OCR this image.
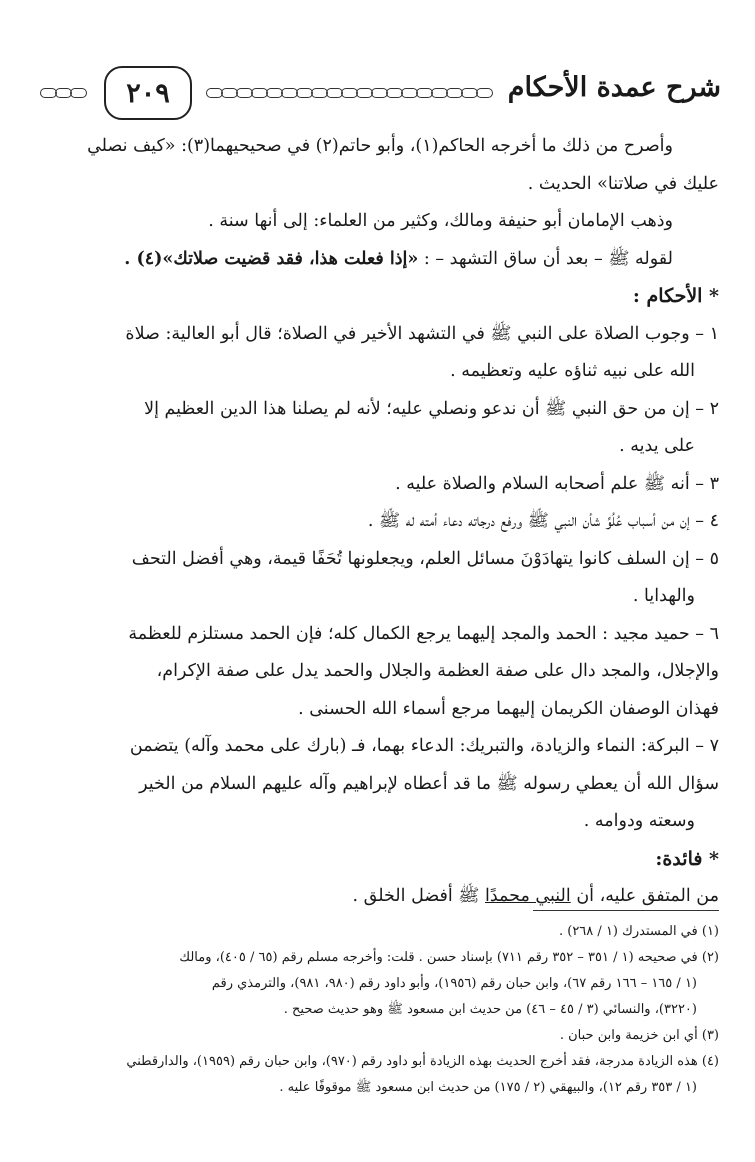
شرح عمدة الأحكام
٢٠٩

وأصرح من ذلك ما أخرجه الحاكم(١)، وأبو حاتم(٢) في صحيحيهما(٣): «كيف نصلي

عليك في صلاتنا» الحديث .

وذهب الإمامان أبو حنيفة ومالك، وكثير من العلماء: إلى أنها سنة .

لقوله ﷺ – بعد أن ساق التشهد – : «إذا فعلت هذا، فقد قضيت صلاتك»(٤) .

* الأحكام :

١ – وجوب الصلاة على النبي ﷺ في التشهد الأخير في الصلاة؛ قال أبو العالية: صلاة
الله على نبيه ثناؤه عليه وتعظيمه .
٢ – إن من حق النبي ﷺ أن ندعو ونصلي عليه؛ لأنه لم يصلنا هذا الدين العظيم إلا
على يديه .
٣ – أنه ﷺ علم أصحابه السلام والصلاة عليه .
٤ – إن من أسباب عُلُوِّ شأن النبي ﷺ ورفع درجاته دعاء أمته له ﷺ .
٥ – إن السلف كانوا يتهادَوْنَ مسائل العلم، ويجعلونها تُحَفًا قيمة، وهي أفضل التحف
والهدايا .
٦ – حميد مجيد : الحمد والمجد إليهما يرجع الكمال كله؛ فإن الحمد مستلزم للعظمة
والإجلال، والمجد دال على صفة العظمة والجلال والحمد يدل على صفة الإكرام،
فهذان الوصفان الكريمان إليهما مرجع أسماء الله الحسنى .
٧ – البركة: النماء والزيادة، والتبريك: الدعاء بهما، فـ (بارك على محمد وآله) يتضمن
سؤال الله أن يعطي رسوله ﷺ ما قد أعطاه لإبراهيم وآله عليهم السلام من الخير
وسعته ودوامه .

* فائدة:

من المتفق عليه، أن النبي محمدًا ﷺ أفضل الخلق .

(١) في المستدرك (١ / ٢٦٨) .
(٢) في صحيحه (١ / ٣٥١ – ٣٥٢ رقم ٧١١) بإسناد حسن . قلت: وأخرجه مسلم رقم (٦٥ / ٤٠٥)، ومالك
(١ / ١٦٥ – ١٦٦ رقم ٦٧)، وابن حبان رقم (١٩٥٦)، وأبو داود رقم (٩٨٠، ٩٨١)، والترمذي رقم
(٣٢٢٠)، والنسائي (٣ / ٤٥ – ٤٦) من حديث ابن مسعود ﷺ وهو حديث صحيح .
(٣) أي ابن خزيمة وابن حبان .
(٤) هذه الزيادة مدرجة، فقد أخرج الحديث بهذه الزيادة أبو داود رقم (٩٧٠)، وابن حبان رقم (١٩٥٩)، والدارقطني
(١ / ٣٥٣ رقم ١٢)، والبيهقي (٢ / ١٧٥) من حديث ابن مسعود ﷺ موقوفًا عليه .
